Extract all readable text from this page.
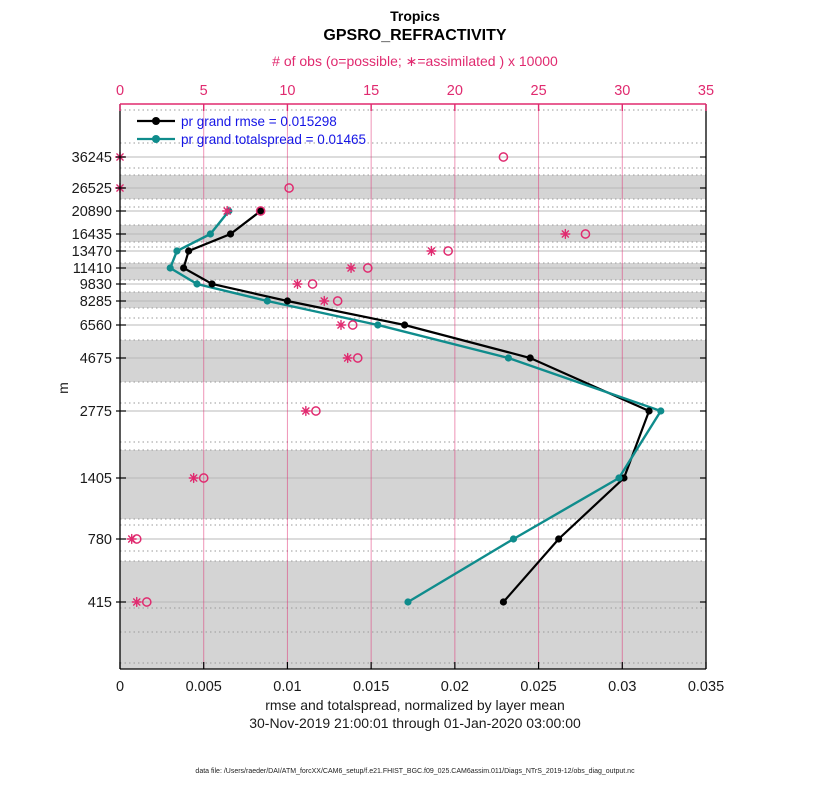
Tropics
GPSRO_REFRACTIVITY
# of obs (o=possible; ∗=assimilated ) x 10000
0	5	10	15	20	25	30	35
0	0.005	0.01	0.015	0.02	0.025	0.03	0.035
36245
26525
20890
16435
13470
11410
9830
8285
6560
4675
2775
1405
780
415
pr grand rmse = 0.015298
pr grand totalspread = 0.01465
m
rmse and totalspread, normalized by layer mean
30-Nov-2019 21:00:01 through 01-Jan-2020 03:00:00
data file: /Users/raeder/DAI/ATM_forcXX/CAM6_setup/f.e21.FHIST_BGC.f09_025.CAM6assim.011/Diags_NTrS_2019-12/obs_diag_output.nc
